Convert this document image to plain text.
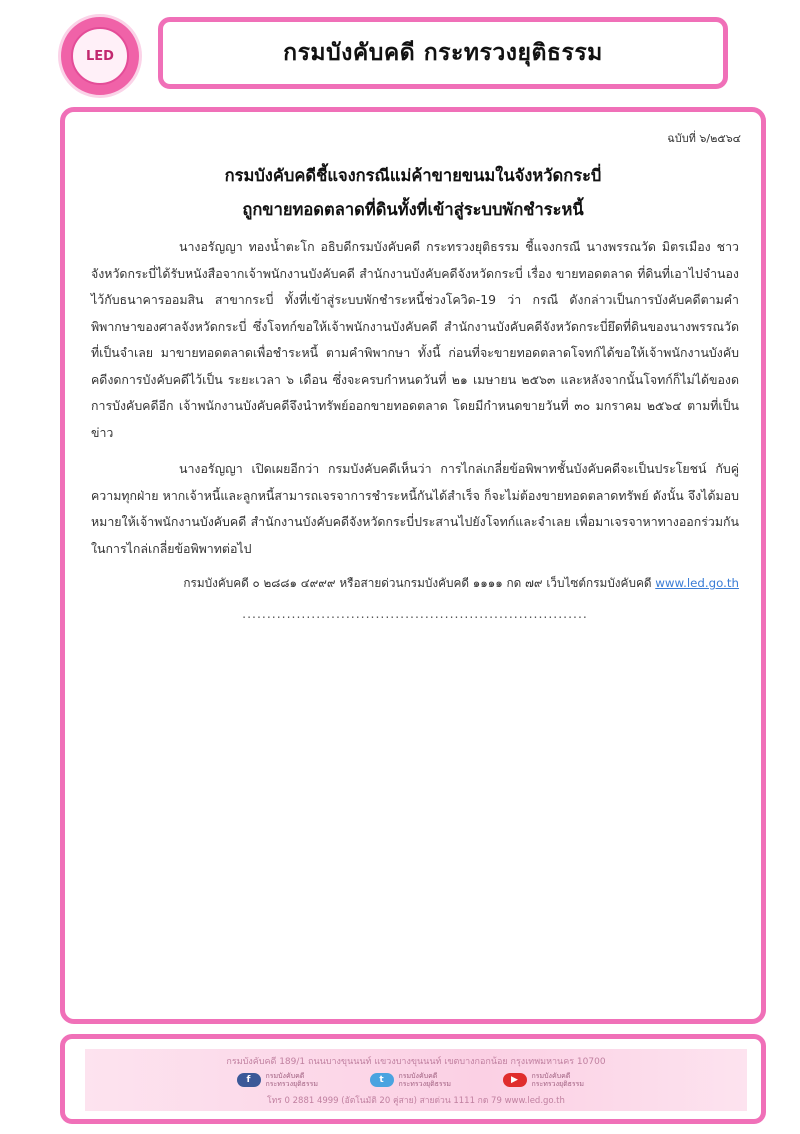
LED	กรมบังคับคดี กระทรวงยุติธรรม
ฉบับที่ ๖/๒๕๖๔
กรมบังคับคดีชี้แจงกรณีแม่ค้าขายขนมในจังหวัดกระบี่
ถูกขายทอดตลาดที่ดินทั้งที่เข้าสู่ระบบพักชำระหนี้

นางอรัญญา ทองน้ำตะโก อธิบดีกรมบังคับคดี กระทรวงยุติธรรม ชี้แจงกรณี นางพรรณวัด มิตรเมือง ชาวจังหวัดกระบี่ได้รับหนังสือจากเจ้าพนักงานบังคับคดี สำนักงานบังคับคดีจังหวัดกระบี่ เรื่อง ขายทอดตลาด ที่ดินที่เอาไปจำนองไว้กับธนาคารออมสิน สาขากระบี่ ทั้งที่เข้าสู่ระบบพักชำระหนี้ช่วงโควิด-19 ว่า กรณี ดังกล่าวเป็นการบังคับคดีตามคำพิพากษาของศาลจังหวัดกระบี่ ซึ่งโจทก์ขอให้เจ้าพนักงานบังคับคดี สำนักงานบังคับคดีจังหวัดกระบี่ยึดที่ดินของนางพรรณวัด ที่เป็นจำเลย มาขายทอดตลาดเพื่อชำระหนี้ ตามคำพิพากษา ทั้งนี้ ก่อนที่จะขายทอดตลาดโจทก์ได้ขอให้เจ้าพนักงานบังคับคดีงดการบังคับคดีไว้เป็น ระยะเวลา ๖ เดือน ซึ่งจะครบกำหนดวันที่ ๒๑ เมษายน ๒๕๖๓ และหลังจากนั้นโจทก์ก็ไม่ได้ของด การบังคับคดีอีก เจ้าพนักงานบังคับคดีจึงนำทรัพย์ออกขายทอดตลาด โดยมีกำหนดขายวันที่ ๓๐ มกราคม ๒๕๖๔ ตามที่เป็นข่าว

นางอรัญญา เปิดเผยอีกว่า กรมบังคับคดีเห็นว่า การไกล่เกลี่ยข้อพิพาทชั้นบังคับคดีจะเป็นประโยชน์ กับคู่ความทุกฝ่าย หากเจ้าหนี้และลูกหนี้สามารถเจรจาการชำระหนี้กันได้สำเร็จ ก็จะไม่ต้องขายทอดตลาดทรัพย์ ดังนั้น จึงได้มอบหมายให้เจ้าพนักงานบังคับคดี สำนักงานบังคับคดีจังหวัดกระบี่ประสานไปยังโจทก์และจำเลย เพื่อมาเจรจาหาทางออกร่วมกันในการไกล่เกลี่ยข้อพิพาทต่อไป

กรมบังคับคดี ๐ ๒๘๘๑ ๔๙๙๙ หรือสายด่วนกรมบังคับคดี ๑๑๑๑ กด ๗๙ เว็บไซต์กรมบังคับคดี www.led.go.th
......................................................................
กรมบังคับคดี 189/1 ถนนบางขุนนนท์ แขวงบางขุนนนท์ เขตบางกอกน้อย กรุงเทพมหานคร 10700
f	กรมบังคับคดี กระทรวงยุติธรรม	t	กรมบังคับคดี กระทรวงยุติธรรม	▶	กรมบังคับคดี กระทรวงยุติธรรม
โทร 0 2881 4999 (อัตโนมัติ 20 คู่สาย) สายด่วน 1111 กด 79 www.led.go.th
